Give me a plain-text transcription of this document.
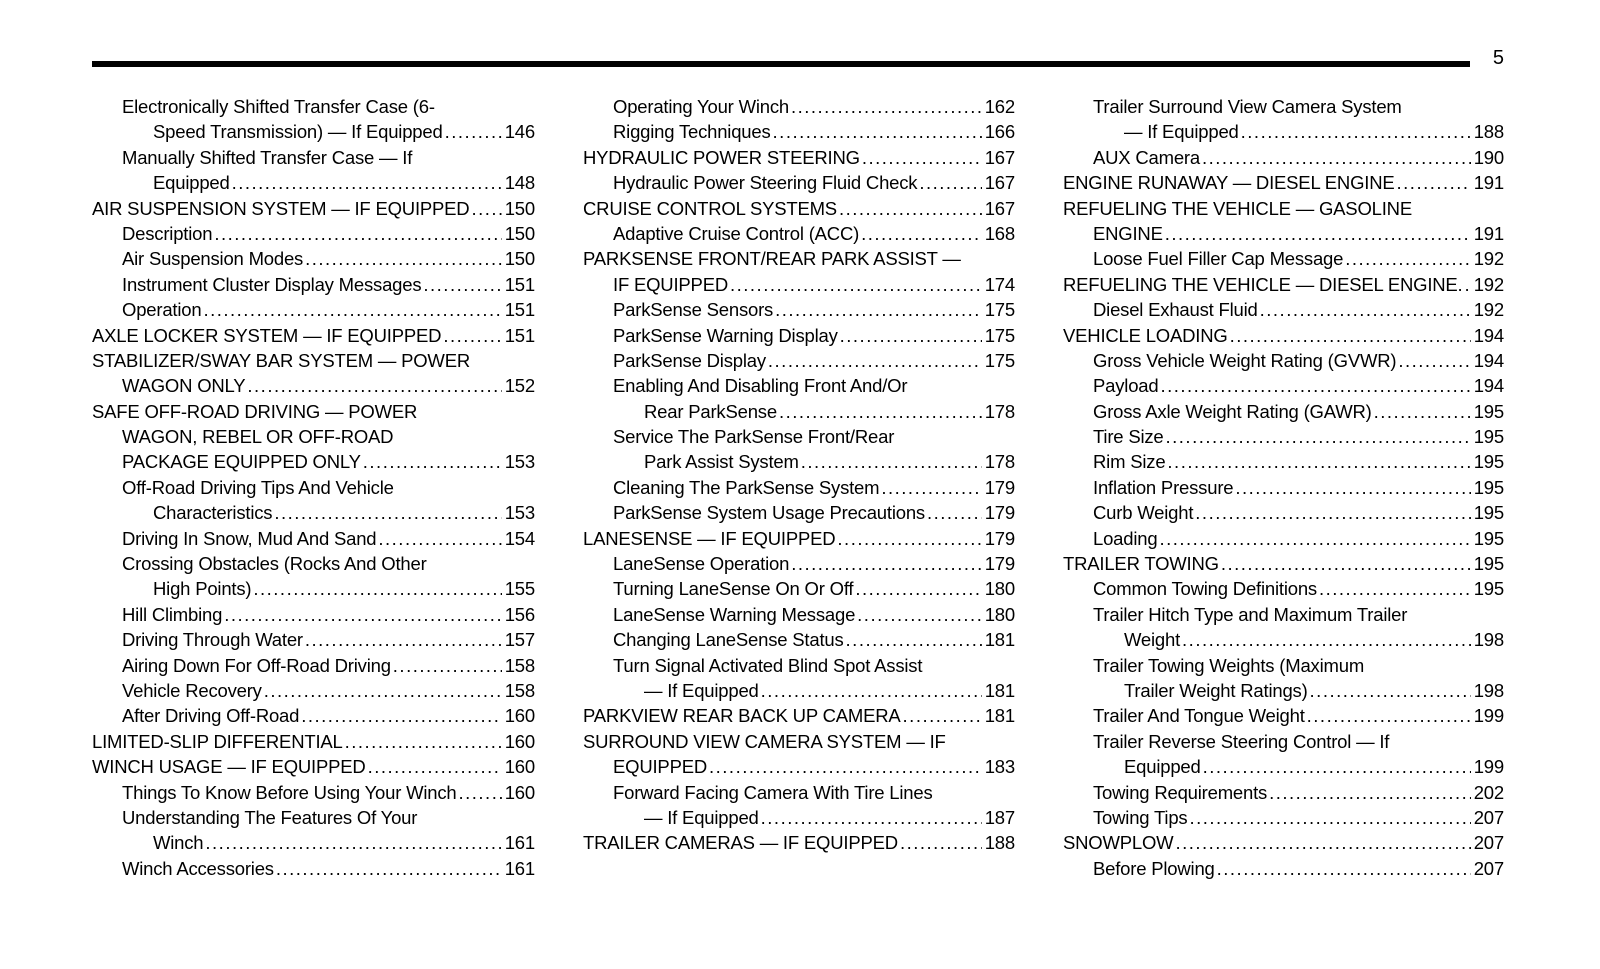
5
Electronically Shifted Transfer Case (6-
Speed Transmission) — If Equipped .....	146
Manually Shifted Transfer Case — If
Equipped .....	148
AIR SUSPENSION SYSTEM — IF EQUIPPED ..... 150
Description .....	150
Air Suspension Modes .....	150
Instrument Cluster Display Messages .....	151
Operation .....	151
AXLE LOCKER SYSTEM — IF EQUIPPED .....	151
STABILIZER/SWAY BAR SYSTEM — POWER
WAGON ONLY .....	152
SAFE OFF-ROAD DRIVING — POWER
WAGON, REBEL OR OFF-ROAD
PACKAGE EQUIPPED ONLY .....	153
Off-Road Driving Tips And Vehicle
Characteristics .....	153
Driving In Snow, Mud And Sand .....	154
Crossing Obstacles (Rocks And Other
High Points) .....	155
Hill Climbing .....	156
Driving Through Water .....	157
Airing Down For Off-Road Driving .....	158
Vehicle Recovery .....	158
After Driving Off-Road .....	160
LIMITED-SLIP DIFFERENTIAL .....	160
WINCH USAGE — IF EQUIPPED .....	160
Things To Know Before Using Your Winch .....	160
Understanding The Features Of Your
Winch .....	161
Winch Accessories .....	161
Operating Your Winch .....	162
Rigging Techniques .....	166
HYDRAULIC POWER STEERING .....	167
Hydraulic Power Steering Fluid Check .....	167
CRUISE CONTROL SYSTEMS .....	167
Adaptive Cruise Control (ACC) .....	168
PARKSENSE FRONT/REAR PARK ASSIST —
IF EQUIPPED .....	174
ParkSense Sensors .....	175
ParkSense Warning Display .....	175
ParkSense Display .....	175
Enabling And Disabling Front And/Or
Rear ParkSense .....	178
Service The ParkSense Front/Rear
Park Assist System .....	178
Cleaning The ParkSense System .....	179
ParkSense System Usage Precautions .....	179
LANESENSE — IF EQUIPPED .....	179
LaneSense Operation .....	179
Turning LaneSense On Or Off .....	180
LaneSense Warning Message .....	180
Changing LaneSense Status .....	181
Turn Signal Activated Blind Spot Assist
— If Equipped .....	181
PARKVIEW REAR BACK UP CAMERA .....	181
SURROUND VIEW CAMERA SYSTEM — IF
EQUIPPED .....	183
Forward Facing Camera With Tire Lines
— If Equipped .....	187
TRAILER CAMERAS — IF EQUIPPED .....	188
Trailer Surround View Camera System
— If Equipped .....	188
AUX Camera .....	190
ENGINE RUNAWAY — DIESEL ENGINE .....	191
REFUELING THE VEHICLE — GASOLINE
ENGINE .....	191
Loose Fuel Filler Cap Message .....	192
REFUELING THE VEHICLE — DIESEL ENGINE. ..... 192
Diesel Exhaust Fluid .....	192
VEHICLE LOADING .....	194
Gross Vehicle Weight Rating (GVWR) .....	194
Payload .....	194
Gross Axle Weight Rating (GAWR) .....	195
Tire Size .....	195
Rim Size .....	195
Inflation Pressure .....	195
Curb Weight .....	195
Loading .....	195
TRAILER TOWING .....	195
Common Towing Definitions .....	195
Trailer Hitch Type and Maximum Trailer
Weight .....	198
Trailer Towing Weights (Maximum
Trailer Weight Ratings) .....	198
Trailer And Tongue Weight .....	199
Trailer Reverse Steering Control — If
Equipped .....	199
Towing Requirements .....	202
Towing Tips .....	207
SNOWPLOW .....	207
Before Plowing .....	207
